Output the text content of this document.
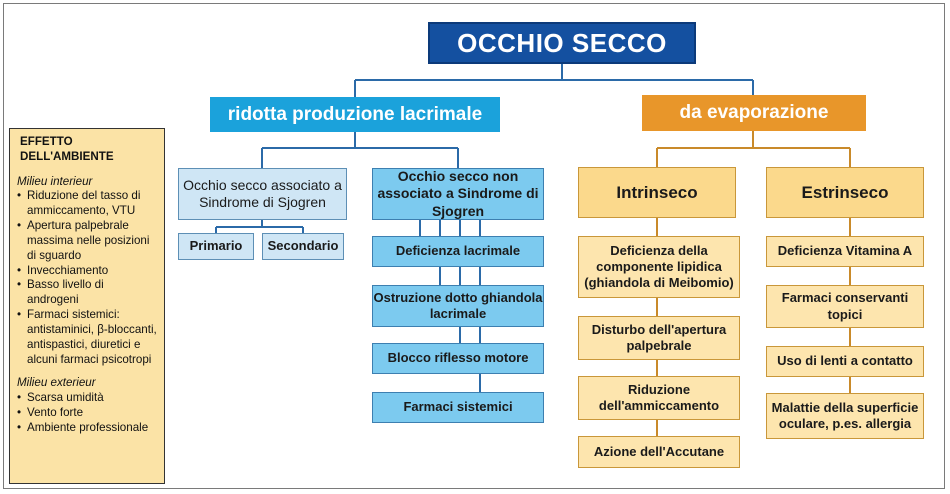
OCCHIO SECCO
ridotta produzione lacrimale	da evaporazione
Occhio secco associato a Sindrome di Sjogren
Primario	Secondario
Occhio secco non associato a Sindrome di Sjogren
Deficienza lacrimale
Ostruzione dotto ghiandola lacrimale
Blocco riflesso motore
Farmaci sistemici
Intrinseco
Deficienza della componente lipidica (ghiandola di Meibomio)
Disturbo dell'apertura palpebrale
Riduzione dell'ammiccamento
Azione dell'Accutane
Estrinseco
Deficienza Vitamina A
Farmaci conservanti topici
Uso di lenti a contatto
Malattie della superficie oculare, p.es. allergia
EFFETTO DELL'AMBIENTE
Milieu interieur
• Riduzione del tasso di ammiccamento, VTU
• Apertura palpebrale massima nelle posizioni di sguardo
• Invecchiamento
• Basso livello di androgeni
• Farmaci sistemici: antistaminici, β-bloccanti, antispastici, diuretici e alcuni farmaci psicotropi
Milieu exterieur
• Scarsa umidità
• Vento forte
• Ambiente professionale
